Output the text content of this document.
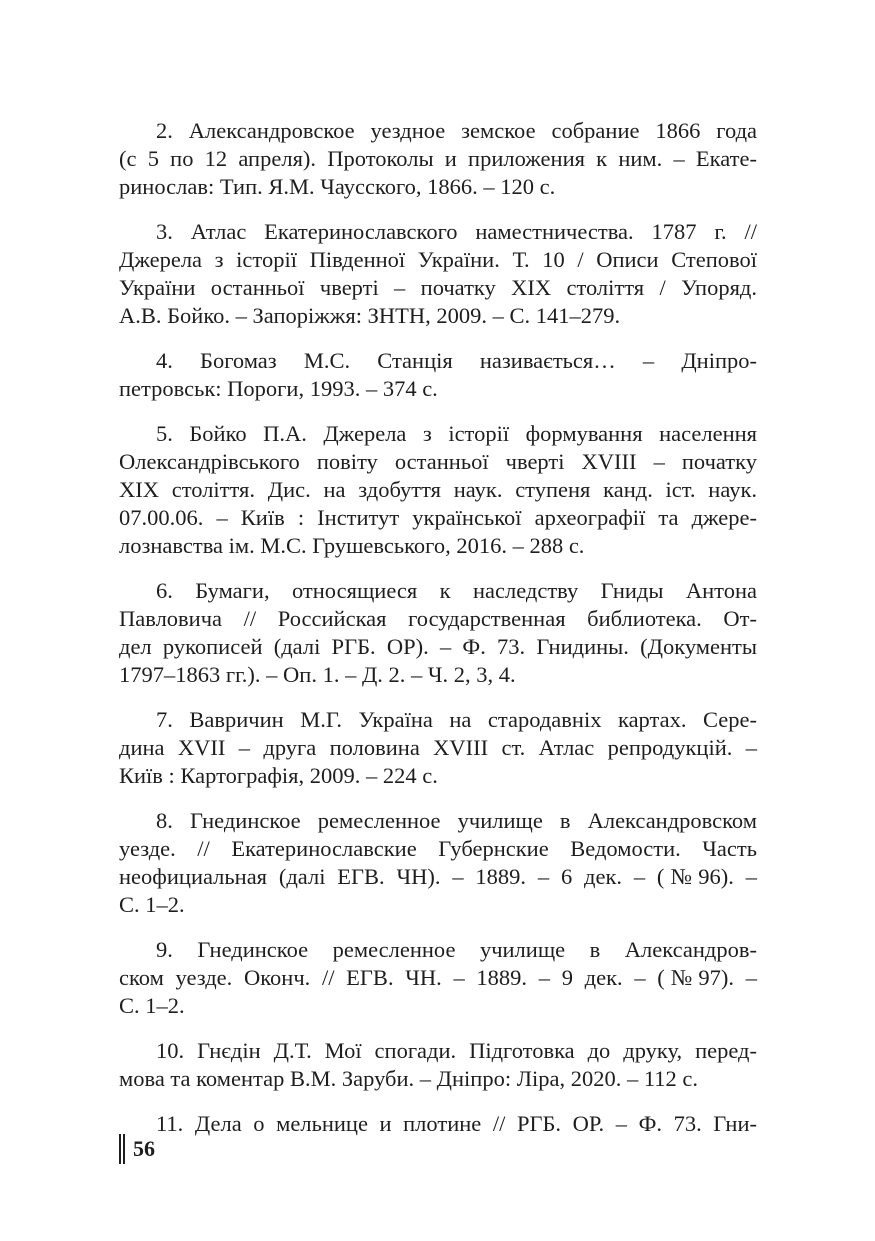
2. Александровское уездное земское собрание 1866 года
(с 5 по 12 апреля). Протоколы и приложения к ним. – Екате-
ринослав: Тип. Я.М. Чаусского, 1866. – 120 с.
3. Атлас Екатеринославского наместничества. 1787 г. //
Джерела з історії Південної України. Т. 10 / Описи Степової
України останньої чверті – початку ХІХ століття / Упоряд.
А.В. Бойко. – Запоріжжя: ЗНТН, 2009. – С. 141–279.
4. Богомаз М.С. Станція називається… – Дніпро-
петровськ: Пороги, 1993. – 374 с.
5. Бойко П.А. Джерела з історії формування населення
Олександрівського повіту останньої чверті XVIII – початку
XIX століття. Дис. на здобуття наук. ступеня канд. іст. наук.
07.00.06. – Київ : Інститут української археографії та джере-
лознавства ім. М.С. Грушевського, 2016. – 288 с.
6. Бумаги, относящиеся к наследству Гниды Антона
Павловича // Российская государственная библиотека. От-
дел рукописей (далі РГБ. ОР). – Ф. 73. Гнидины. (Документы
1797–1863 гг.). – Оп. 1. – Д. 2. – Ч. 2, 3, 4.
7. Вавричин М.Г. Україна на стародавніх картах. Сере-
дина XVII – друга половина XVIII ст. Атлас репродукцій. –
Київ : Картографія, 2009. – 224 с.
8. Гнединское ремесленное училище в Александровском
уезде. // Екатеринославские Губернские Ведомости. Часть
неофициальная (далі ЕГВ. ЧН). – 1889. – 6 дек. – (№96). –
С. 1–2.
9. Гнединское ремесленное училище в Александров-
ском уезде. Оконч. // ЕГВ. ЧН. – 1889. – 9 дек. – (№97). –
С. 1–2.
10. Гнєдін Д.Т. Мої спогади. Підготовка до друку, перед-
мова та коментар В.М. Заруби. – Дніпро: Ліра, 2020. – 112 с.
11. Дела о мельнице и плотине // РГБ. ОР. – Ф. 73. Гни-
56
